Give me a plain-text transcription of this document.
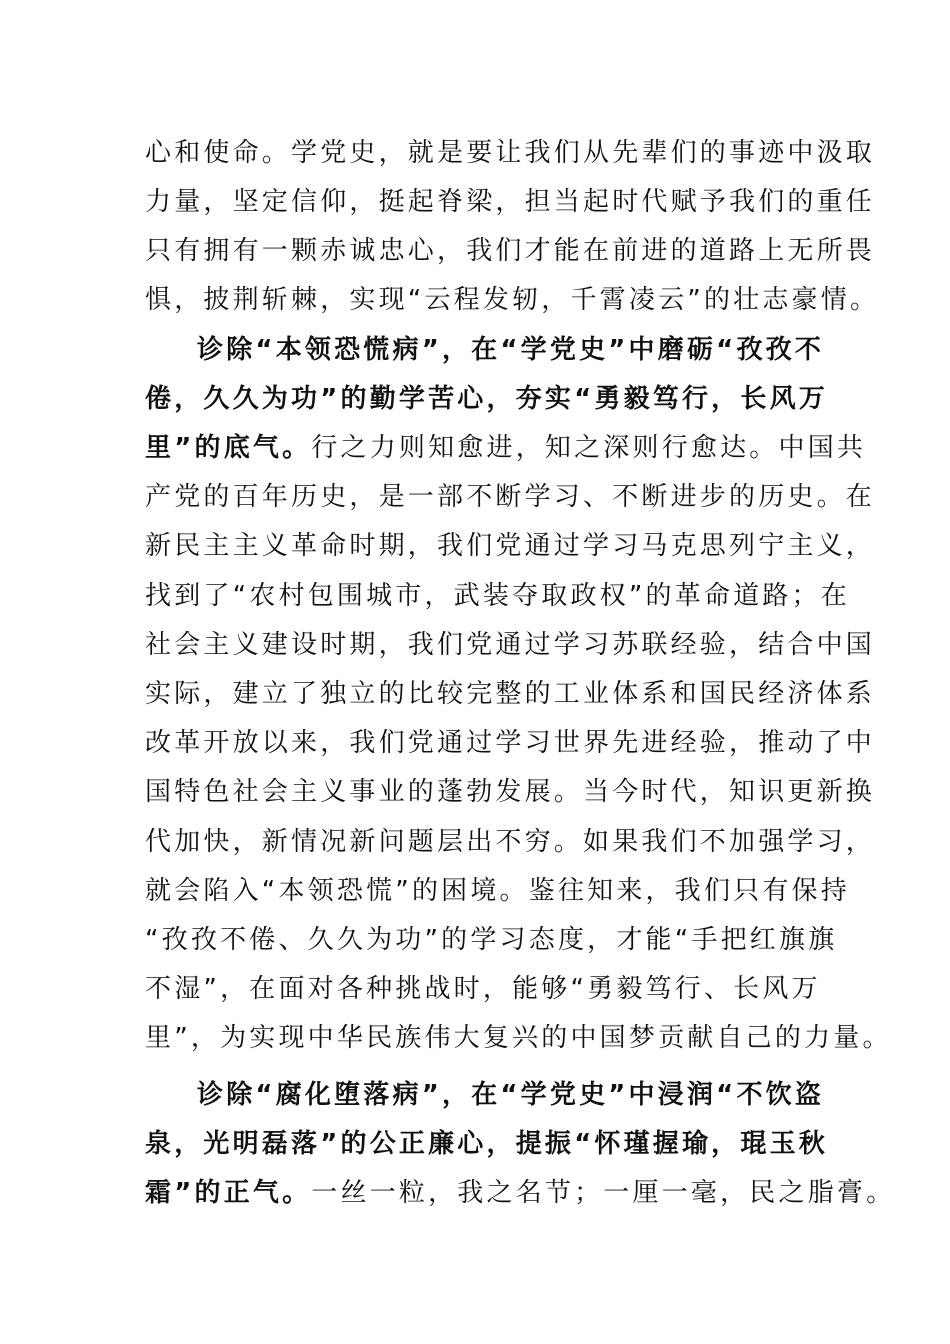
心和使命。学党史，就是要让我们从先辈们的事迹中汲取
力量，坚定信仰，挺起脊梁，担当起时代赋予我们的重任
只有拥有一颗赤诚忠心，我们才能在前进的道路上无所畏
惧，披荆斩棘，实现“云程发轫，千霄凌云”的壮志豪情。
诊除“本领恐慌病”，在“学党史”中磨砺“孜孜不
倦，久久为功”的勤学苦心，夯实“勇毅笃行，长风万
里”的底气。行之力则知愈进，知之深则行愈达。中国共
产党的百年历史，是一部不断学习、不断进步的历史。在
新民主主义革命时期，我们党通过学习马克思列宁主义，
找到了“农村包围城市，武装夺取政权”的革命道路；在
社会主义建设时期，我们党通过学习苏联经验，结合中国
实际，建立了独立的比较完整的工业体系和国民经济体系
改革开放以来，我们党通过学习世界先进经验，推动了中
国特色社会主义事业的蓬勃发展。当今时代，知识更新换
代加快，新情况新问题层出不穷。如果我们不加强学习，
就会陷入“本领恐慌”的困境。鉴往知来，我们只有保持
“孜孜不倦、久久为功”的学习态度，才能“手把红旗旗
不湿”，在面对各种挑战时，能够“勇毅笃行、长风万
里”，为实现中华民族伟大复兴的中国梦贡献自己的力量。
诊除“腐化堕落病”，在“学党史”中浸润“不饮盗
泉，光明磊落”的公正廉心，提振“怀瑾握瑜，琨玉秋
霜”的正气。一丝一粒，我之名节；一厘一毫，民之脂膏。
